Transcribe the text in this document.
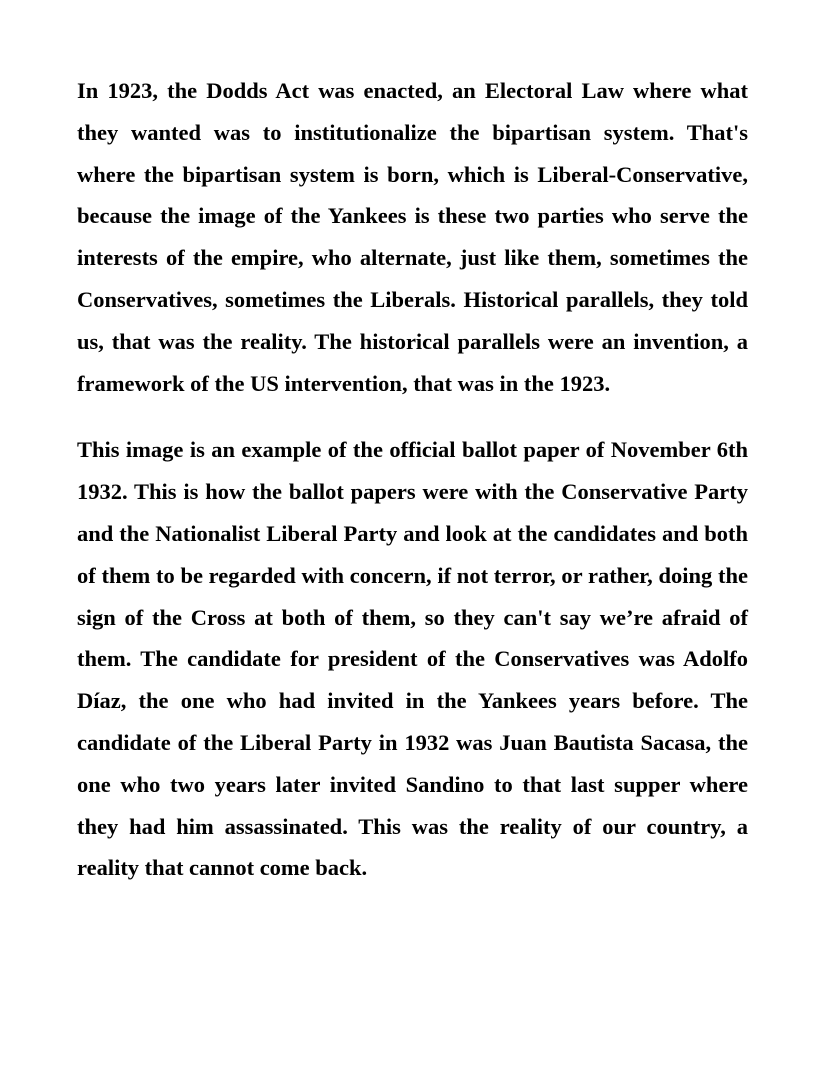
In 1923, the Dodds Act was enacted, an Electoral Law where what they wanted was to institutionalize the bipartisan system. That's where the bipartisan system is born, which is Liberal-Conservative, because the image of the Yankees is these two parties who serve the interests of the empire, who alternate, just like them, sometimes the Conservatives, sometimes the Liberals. Historical parallels, they told us, that was the reality. The historical parallels were an invention, a framework of the US intervention, that was in the 1923.

This image is an example of the official ballot paper of November 6th 1932. This is how the ballot papers were with the Conservative Party and the Nationalist Liberal Party and look at the candidates and both of them to be regarded with concern, if not terror, or rather, doing the sign of the Cross at both of them, so they can't say we’re afraid of them. The candidate for president of the Conservatives was Adolfo Díaz, the one who had invited in the Yankees years before. The candidate of the Liberal Party in 1932 was Juan Bautista Sacasa, the one who two years later invited Sandino to that last supper where they had him assassinated. This was the reality of our country, a reality that cannot come back.
